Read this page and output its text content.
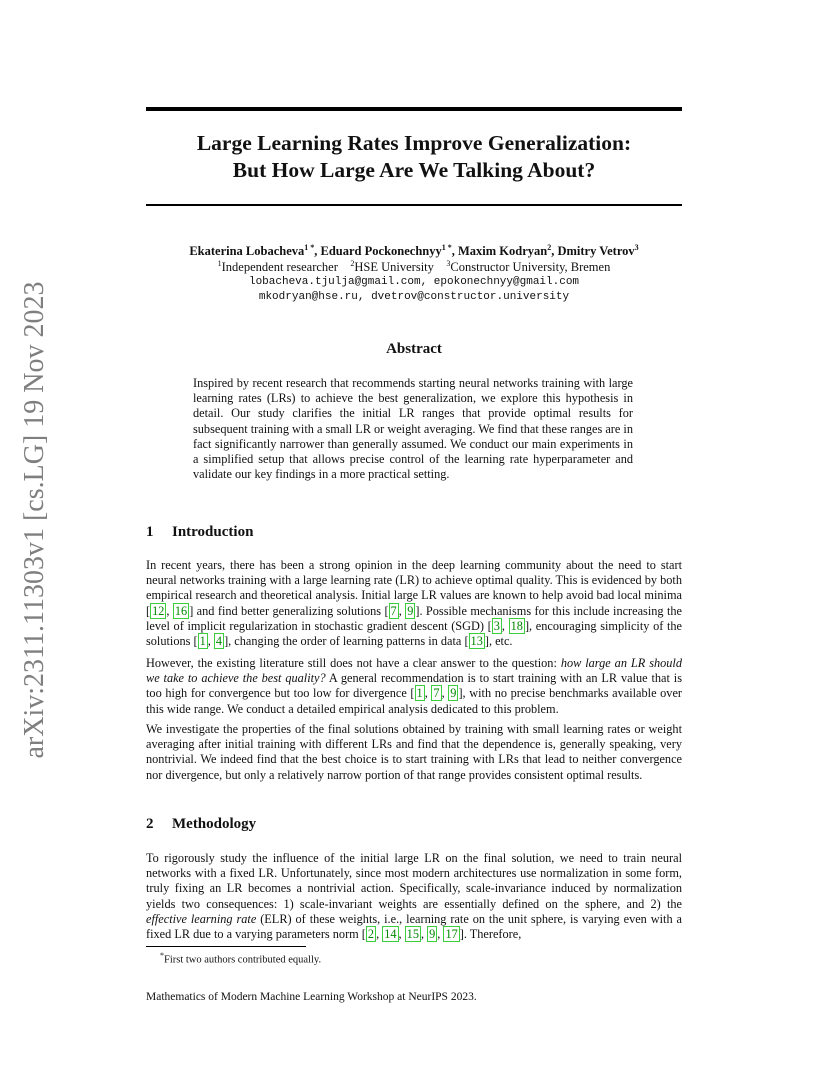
arXiv:2311.11303v1 [cs.LG] 19 Nov 2023
Large Learning Rates Improve Generalization:
But How Large Are We Talking About?
Ekaterina Lobacheva$^{1 *}$, Eduard Pockonechnyy$^{1 *}$, Maxim Kodryan$^2$, Dmitry Vetrov$^3$
$^1$Independent researcher $^2$HSE University $^3$Constructor University, Bremen
lobacheva.tjulja@gmail.com, epokonechnyy@gmail.com
mkodryan@hse.ru, dvetrov@constructor.university
Abstract
Inspired by recent research that recommends starting neural networks training with large learning rates (LRs) to achieve the best generalization, we explore this hypothesis in detail. Our study clarifies the initial LR ranges that provide optimal results for subsequent training with a small LR or weight averaging. We find that these ranges are in fact significantly narrower than generally assumed. We conduct our main experiments in a simplified setup that allows precise control of the learning rate hyperparameter and validate our key findings in a more practical setting.
1 Introduction
In recent years, there has been a strong opinion in the deep learning community about the need to start neural networks training with a large learning rate (LR) to achieve optimal quality. This is evidenced by both empirical research and theoretical analysis. Initial large LR values are known to help avoid bad local minima [ 12 , 16 ] and find better generalizing solutions [ 7 , 9 ]. Possible mechanisms for this include increasing the level of implicit regularization in stochastic gradient descent (SGD) [ 3 , 18 ], encouraging simplicity of the solutions [ 1 , 4 ], changing the order of learning patterns in data [ 13 ], etc.
However, the existing literature still does not have a clear answer to the question: how large an LR should we take to achieve the best quality? A general recommendation is to start training with an LR value that is too high for convergence but too low for divergence [ 1 , 7 , 9 ], with no precise benchmarks available over this wide range. We conduct a detailed empirical analysis dedicated to this problem.
We investigate the properties of the final solutions obtained by training with small learning rates or weight averaging after initial training with different LRs and find that the dependence is, generally speaking, very nontrivial. We indeed find that the best choice is to start training with LRs that lead to neither convergence nor divergence, but only a relatively narrow portion of that range provides consistent optimal results.
2 Methodology
To rigorously study the influence of the initial large LR on the final solution, we need to train neural networks with a fixed LR. Unfortunately, since most modern architectures use normalization in some form, truly fixing an LR becomes a nontrivial action. Specifically, scale-invariance induced by normalization yields two consequences: 1) scale-invariant weights are essentially defined on the sphere, and 2) the effective learning rate (ELR) of these weights, i.e., learning rate on the unit sphere, is varying even with a fixed LR due to a varying parameters norm [ 2 , 14 , 15 , 9 , 17 ]. Therefore,
*First two authors contributed equally.
Mathematics of Modern Machine Learning Workshop at NeurIPS 2023.
